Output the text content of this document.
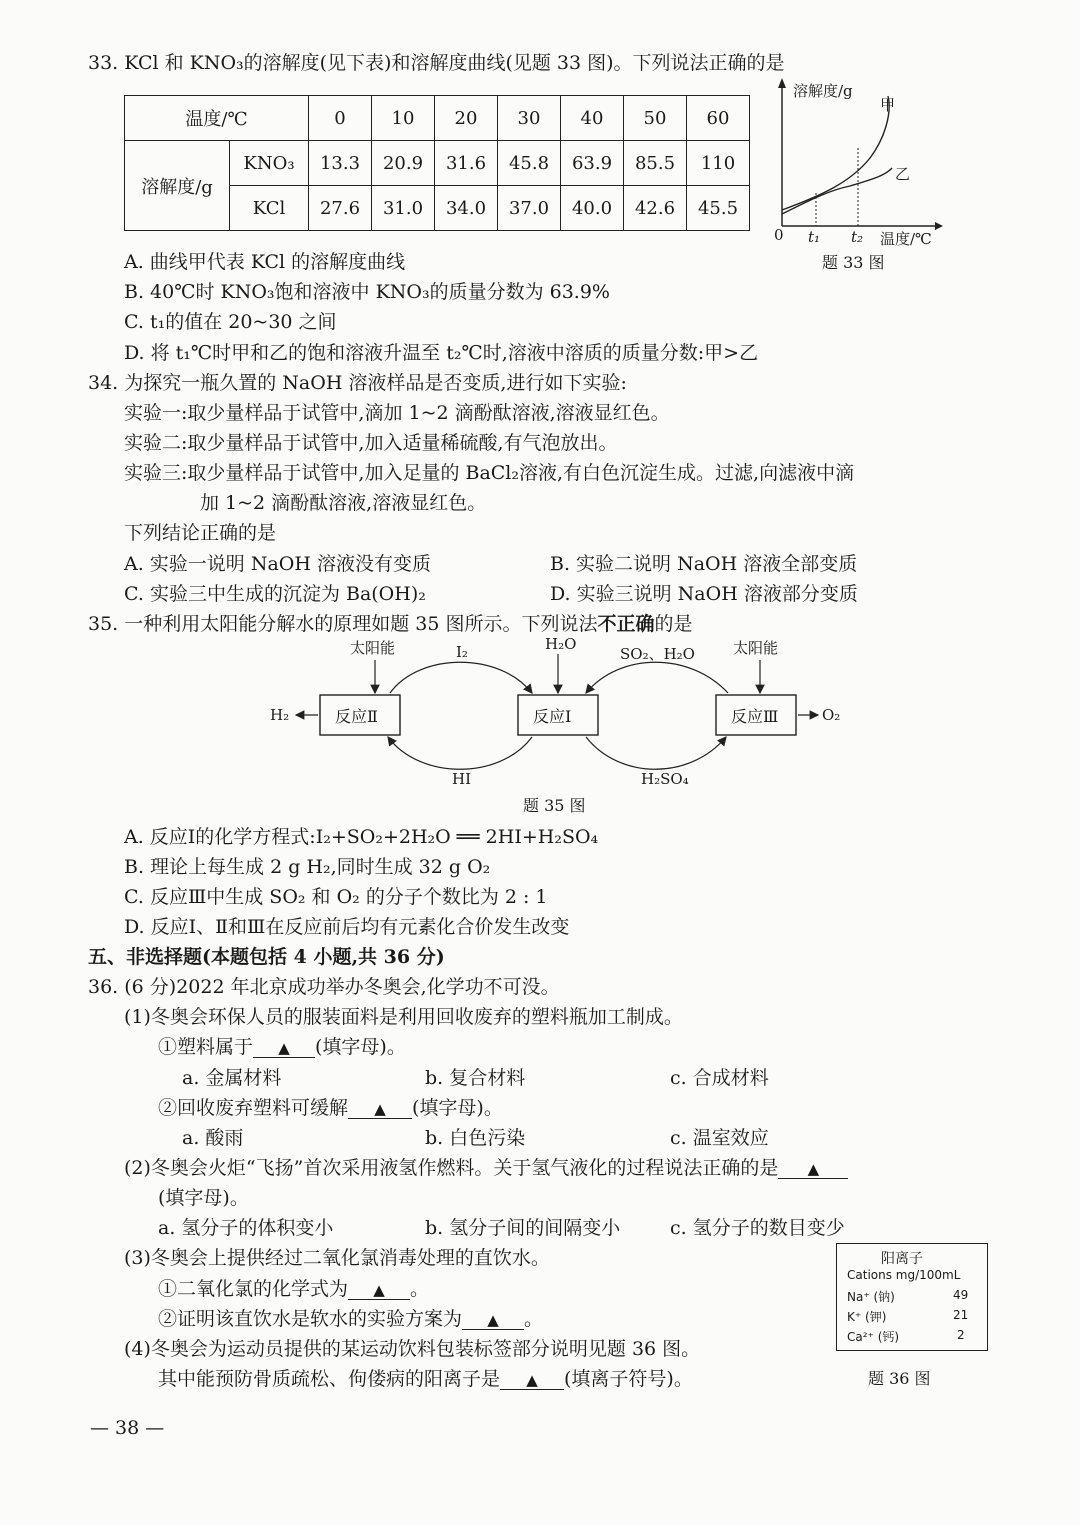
33. KCl 和 KNO₃的溶解度(见下表)和溶解度曲线(见题 33 图)。下列说法正确的是
温度/℃		0	10	20	30	40	50	60
溶解度/g	KNO₃	13.3	20.9	31.6	45.8	63.9	85.5	110
	KCl	27.6	31.0	34.0	37.0	40.0	42.6	45.5
溶解度/g
甲
乙
0 t₁ t₂ 温度/℃
题 33 图
A. 曲线甲代表 KCl 的溶解度曲线
B. 40℃时 KNO₃饱和溶液中 KNO₃的质量分数为 63.9%
C. t₁的值在 20~30 之间
D. 将 t₁℃时甲和乙的饱和溶液升温至 t₂℃时,溶液中溶质的质量分数:甲>乙
34. 为探究一瓶久置的 NaOH 溶液样品是否变质,进行如下实验:
实验一:取少量样品于试管中,滴加 1~2 滴酚酞溶液,溶液显红色。
实验二:取少量样品于试管中,加入适量稀硫酸,有气泡放出。
实验三:取少量样品于试管中,加入足量的 BaCl₂溶液,有白色沉淀生成。过滤,向滤液中滴
加 1~2 滴酚酞溶液,溶液显红色。
下列结论正确的是
A. 实验一说明 NaOH 溶液没有变质	B. 实验二说明 NaOH 溶液全部变质
C. 实验三中生成的沉淀为 Ba(OH)₂	D. 实验三说明 NaOH 溶液部分变质
35. 一种利用太阳能分解水的原理如题 35 图所示。下列说法不正确的是
太阳能	I₂	H₂O
SO₂、H₂O	太阳能
H₂	反应Ⅱ	反应Ⅰ	反应Ⅲ	O₂
HI	H₂SO₄
题 35 图
A. 反应Ⅰ的化学方程式:I₂+SO₂+2H₂O ══ 2HI+H₂SO₄
B. 理论上每生成 2 g H₂,同时生成 32 g O₂
C. 反应Ⅲ中生成 SO₂ 和 O₂ 的分子个数比为 2 : 1
D. 反应Ⅰ、Ⅱ和Ⅲ在反应前后均有元素化合价发生改变
五、非选择题(本题包括 4 小题,共 36 分)
36. (6 分)2022 年北京成功举办冬奥会,化学功不可没。
(1)冬奥会环保人员的服装面料是利用回收废弃的塑料瓶加工制成。
①塑料属于 ▲ (填字母)。
a. 金属材料	b. 复合材料	c. 合成材料
②回收废弃塑料可缓解 ▲ (填字母)。
a. 酸雨	b. 白色污染	c. 温室效应
(2)冬奥会火炬“飞扬”首次采用液氢作燃料。关于氢气液化的过程说法正确的是 ▲
(填字母)。
a. 氢分子的体积变小	b. 氢分子间的间隔变小	c. 氢分子的数目变少
(3)冬奥会上提供经过二氧化氯消毒处理的直饮水。
①二氧化氯的化学式为 ▲ 。
②证明该直饮水是软水的实验方案为 ▲ 。
(4)冬奥会为运动员提供的某运动饮料包装标签部分说明见题 36 图。
其中能预防骨质疏松、佝偻病的阳离子是 ▲ (填离子符号)。
阳离子
Cations mg/100mL
Na⁺ (钠)	49
K⁺ (钾)	21
Ca²⁺ (钙)	2
题 36 图
— 38 —
